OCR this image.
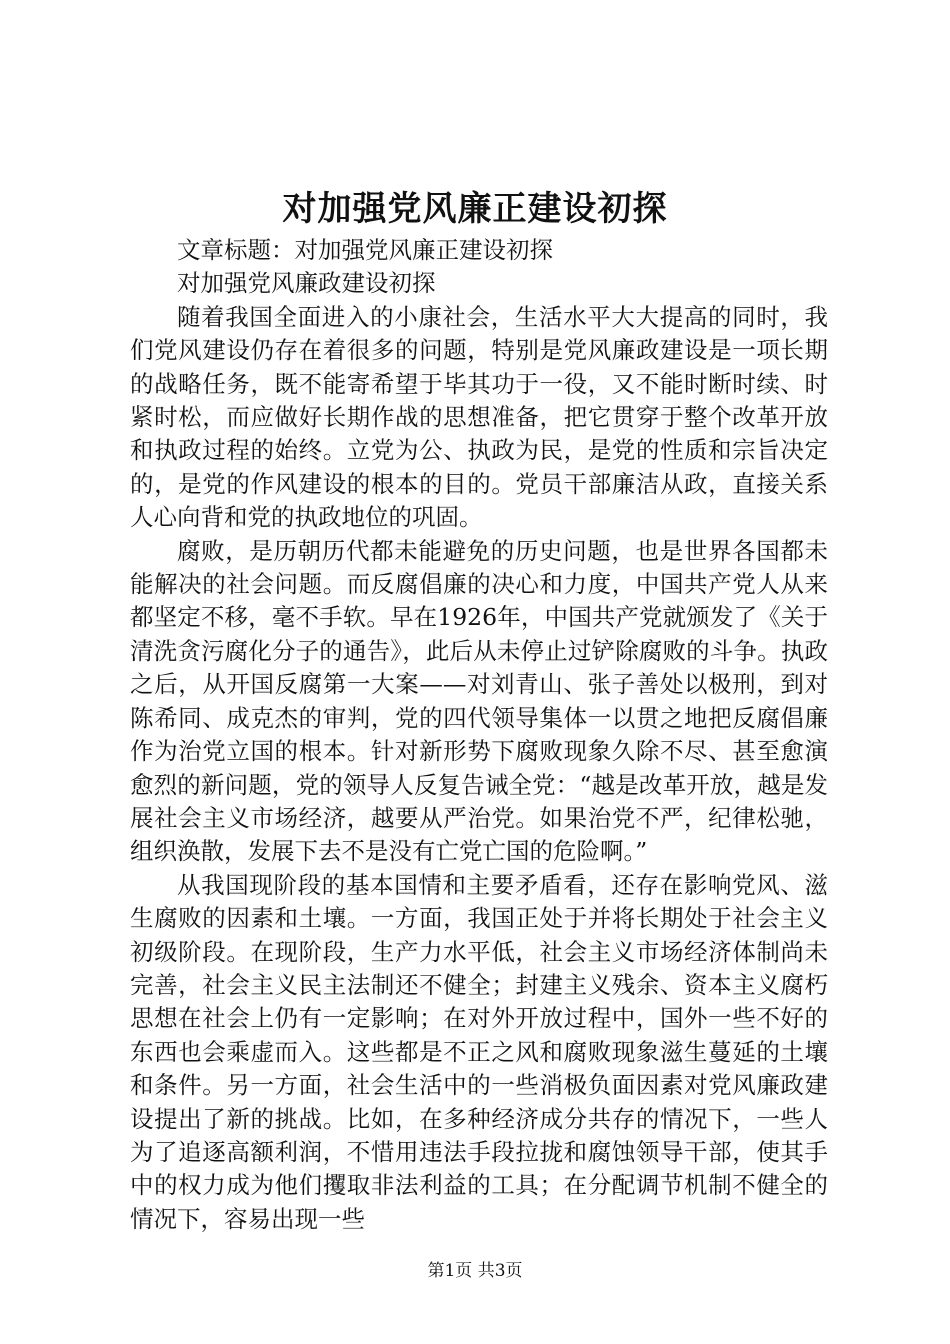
对加强党风廉正建设初探

文章标题：对加强党风廉正建设初探

对加强党风廉政建设初探

随着我国全面进入的小康社会，生活水平大大提高的同时，我们党风建设仍存在着很多的问题，特别是党风廉政建设是一项长期的战略任务，既不能寄希望于毕其功于一役，又不能时断时续、时紧时松，而应做好长期作战的思想准备，把它贯穿于整个改革开放和执政过程的始终。立党为公、执政为民，是党的性质和宗旨决定的，是党的作风建设的根本的目的。党员干部廉洁从政，直接关系人心向背和党的执政地位的巩固。

腐败，是历朝历代都未能避免的历史问题，也是世界各国都未能解决的社会问题。而反腐倡廉的决心和力度，中国共产党人从来都坚定不移，毫不手软。早在1926年，中国共产党就颁发了《关于清洗贪污腐化分子的通告》，此后从未停止过铲除腐败的斗争。执政之后，从开国反腐第一大案——对刘青山、张子善处以极刑，到对陈希同、成克杰的审判，党的四代领导集体一以贯之地把反腐倡廉作为治党立国的根本。针对新形势下腐败现象久除不尽、甚至愈演愈烈的新问题，党的领导人反复告诫全党：“越是改革开放，越是发展社会主义市场经济，越要从严治党。如果治党不严，纪律松驰，组织涣散，发展下去不是没有亡党亡国的危险啊。”

从我国现阶段的基本国情和主要矛盾看，还存在影响党风、滋生腐败的因素和土壤。一方面，我国正处于并将长期处于社会主义初级阶段。在现阶段，生产力水平低，社会主义市场经济体制尚未完善，社会主义民主法制还不健全；封建主义残余、资本主义腐朽思想在社会上仍有一定影响；在对外开放过程中，国外一些不好的东西也会乘虚而入。这些都是不正之风和腐败现象滋生蔓延的土壤和条件。另一方面，社会生活中的一些消极负面因素对党风廉政建设提出了新的挑战。比如，在多种经济成分共存的情况下，一些人为了追逐高额利润，不惜用违法手段拉拢和腐蚀领导干部，使其手中的权力成为他们攫取非法利益的工具；在分配调节机制不健全的情况下，容易出现一些

第1页 共3页
